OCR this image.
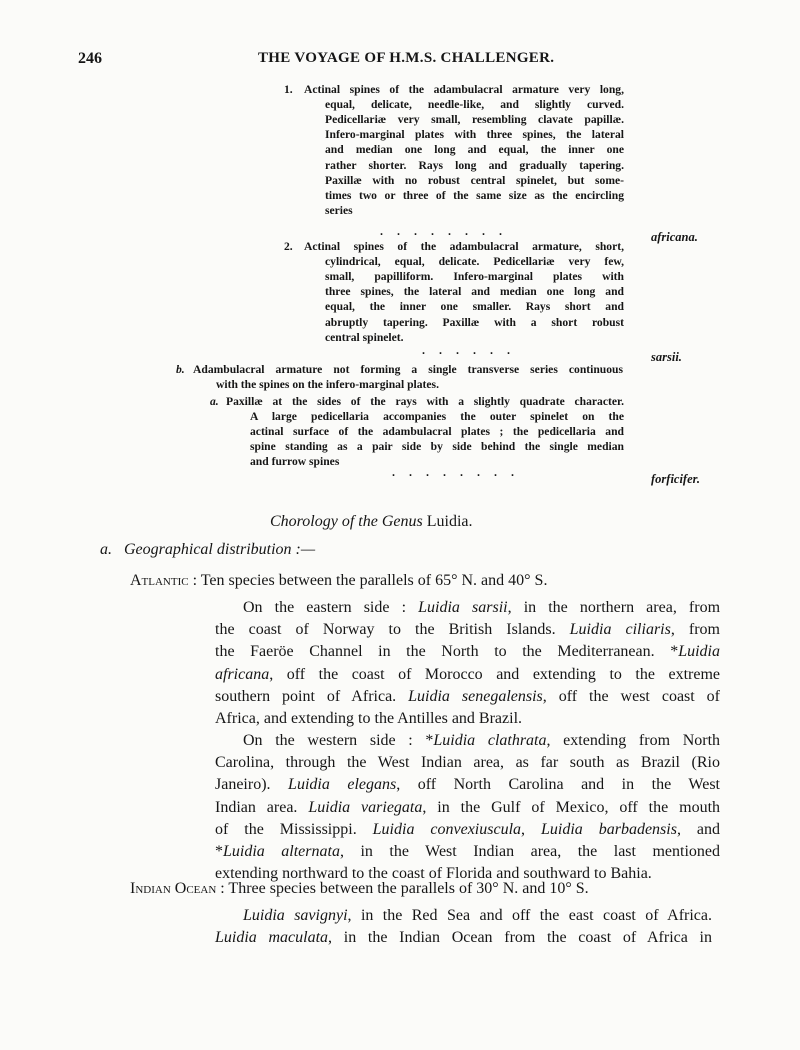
246	THE VOYAGE OF H.M.S. CHALLENGER.
1. Actinal spines of the adambulacral armature very long,
equal, delicate, needle-like, and slightly curved.
Pedicellariæ very small, resembling clavate papillæ.
Infero-marginal plates with three spines, the lateral
and median one long and equal, the inner one
rather shorter. Rays long and gradually tapering.
Paxillæ with no robust central spinelet, but some-
times two or three of the same size as the encircling
series
africana.
2. Actinal spines of the adambulacral armature, short,
cylindrical, equal, delicate. Pedicellariæ very few,
small, papilliform. Infero-marginal plates with
three spines, the lateral and median one long and
equal, the inner one smaller. Rays short and
abruptly tapering. Paxillæ with a short robust
central spinelet.
sarsii.
b. Adambulacral armature not forming a single transverse series continuous
with the spines on the infero-marginal plates.
a. Paxillæ at the sides of the rays with a slightly quadrate character.
A large pedicellaria accompanies the outer spinelet on the
actinal surface of the adambulacral plates ; the pedicellaria and
spine standing as a pair side by side behind the single median
and furrow spines
forficifer.
Chorology of the Genus Luidia.
a. Geographical distribution :—
Atlantic : Ten species between the parallels of 65° N. and 40° S.
On the eastern side : Luidia sarsii, in the northern area, from
the coast of Norway to the British Islands. Luidia ciliaris, from
the Faeröe Channel in the North to the Mediterranean. *Luidia
africana, off the coast of Morocco and extending to the extreme
southern point of Africa. Luidia senegalensis, off the west coast of
Africa, and extending to the Antilles and Brazil.
On the western side : *Luidia clathrata, extending from North
Carolina, through the West Indian area, as far south as Brazil (Rio
Janeiro). Luidia elegans, off North Carolina and in the West
Indian area. Luidia variegata, in the Gulf of Mexico, off the mouth
of the Mississippi. Luidia convexiuscula, Luidia barbadensis, and
*Luidia alternata, in the West Indian area, the last mentioned
extending northward to the coast of Florida and southward to Bahia.
Indian Ocean : Three species between the parallels of 30° N. and 10° S.
Luidia savignyi, in the Red Sea and off the east coast of Africa.
Luidia maculata, in the Indian Ocean from the coast of Africa in
........
......
........
